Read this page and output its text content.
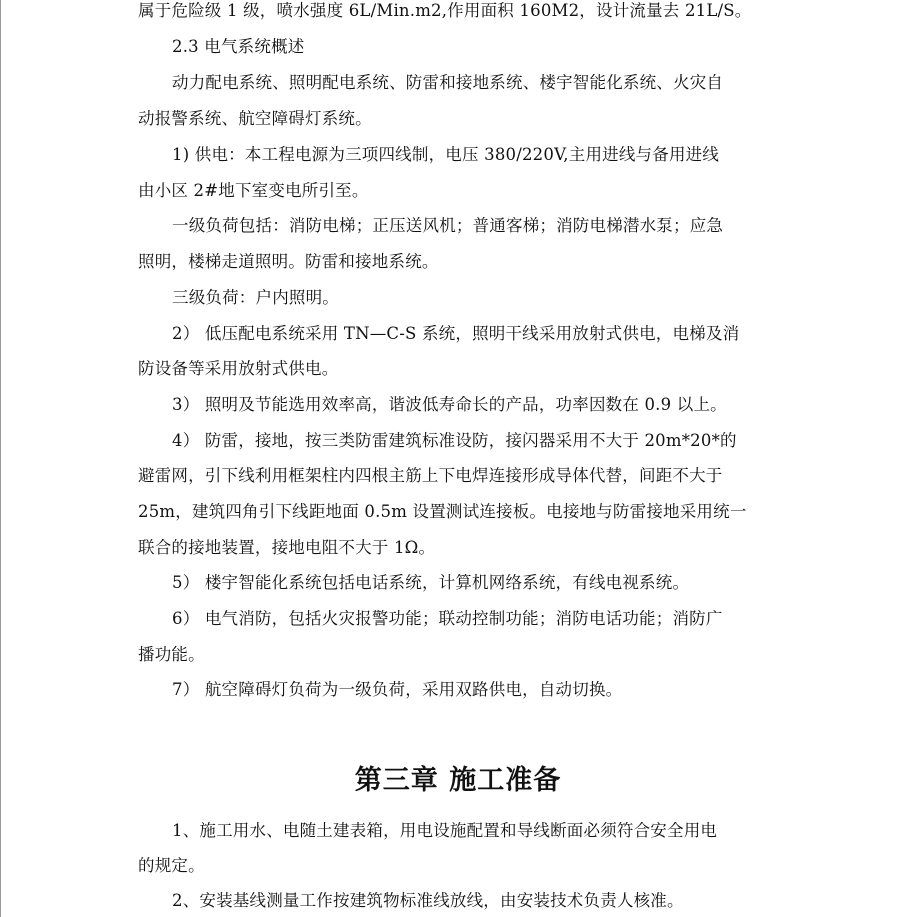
属于危险级 1 级，喷水强度 6L/Min.m2,作用面积 160M2，设计流量去 21L/S。
2.3 电气系统概述
动力配电系统、照明配电系统、防雷和接地系统、楼宇智能化系统、火灾自
动报警系统、航空障碍灯系统。
1) 供电：本工程电源为三项四线制，电压 380/220V,主用进线与备用进线
由小区 2#地下室变电所引至。
一级负荷包括：消防电梯；正压送风机；普通客梯；消防电梯潜水泵；应急
照明，楼梯走道照明。防雷和接地系统。
三级负荷：户内照明。
2） 低压配电系统采用 TN—C-S 系统，照明干线采用放射式供电，电梯及消
防设备等采用放射式供电。
3） 照明及节能选用效率高，谐波低寿命长的产品，功率因数在 0.9 以上。
4） 防雷，接地，按三类防雷建筑标准设防，接闪器采用不大于 20m*20*的
避雷网，引下线利用框架柱内四根主筋上下电焊连接形成导体代替，间距不大于
25m，建筑四角引下线距地面 0.5m 设置测试连接板。电接地与防雷接地采用统一
联合的接地装置，接地电阻不大于 1Ω。
5） 楼宇智能化系统包括电话系统，计算机网络系统，有线电视系统。
6） 电气消防，包括火灾报警功能；联动控制功能；消防电话功能；消防广
播功能。
7） 航空障碍灯负荷为一级负荷，采用双路供电，自动切换。
第三章 施工准备
1、施工用水、电随土建表箱，用电设施配置和导线断面必须符合安全用电
的规定。
2、安装基线测量工作按建筑物标准线放线，由安装技术负责人核准。
